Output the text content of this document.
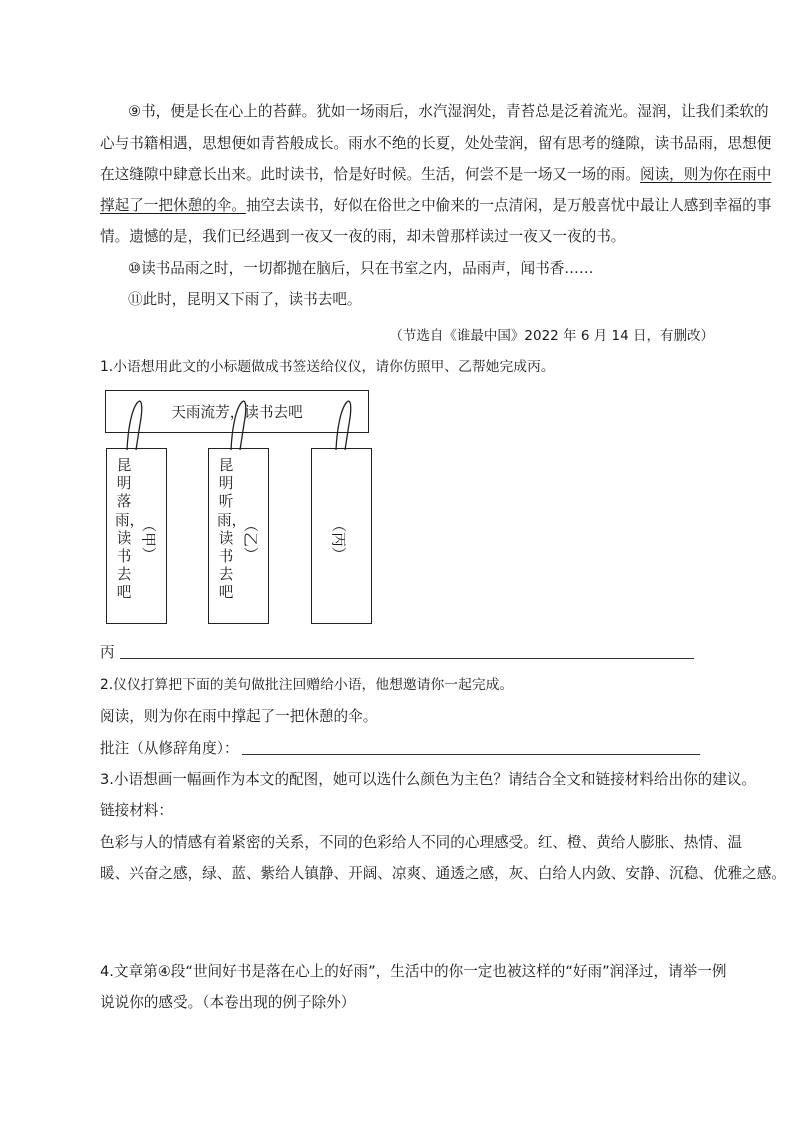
⑨书，便是长在心上的苔藓。犹如一场雨后，水汽湿润处，青苔总是泛着流光。湿润，让我们柔软的
心与书籍相遇，思想便如青苔般成长。雨水不绝的长夏，处处莹润，留有思考的缝隙，读书品雨，思想便
在这缝隙中肆意长出来。此时读书，恰是好时候。生活，何尝不是一场又一场的雨。阅读，则为你在雨中
撑起了一把休憩的伞。抽空去读书，好似在俗世之中偷来的一点清闲，是万般喜忧中最让人感到幸福的事
情。遗憾的是，我们已经遇到一夜又一夜的雨，却未曾那样读过一夜又一夜的书。
⑩读书品雨之时，一切都抛在脑后，只在书室之内，品雨声，闻书香……
⑪此时，昆明又下雨了，读书去吧。
（节选自《谁最中国》2022 年 6 月 14 日，有删改）
1.小语想用此文的小标题做成书签送给仪仪，请你仿照甲、乙帮她完成丙。
天雨流芳，读书去吧
昆明落雨，读书去吧
（甲）
昆明听雨，读书去吧
（乙）	（丙）
丙
2.仪仪打算把下面的美句做批注回赠给小语，他想邀请你一起完成。
阅读，则为你在雨中撑起了一把休憩的伞。
批注（从修辞角度）：
3.小语想画一幅画作为本文的配图，她可以选什么颜色为主色？请结合全文和链接材料给出你的建议。
链接材料：
色彩与人的情感有着紧密的关系，不同的色彩给人不同的心理感受。红、橙、黄给人膨胀、热情、温
暖、兴奋之感，绿、蓝、紫给人镇静、开阔、凉爽、通透之感，灰、白给人内敛、安静、沉稳、优雅之感。
4.文章第④段“世间好书是落在心上的好雨”，生活中的你一定也被这样的“好雨”润泽过，请举一例
说说你的感受。（本卷出现的例子除外）
